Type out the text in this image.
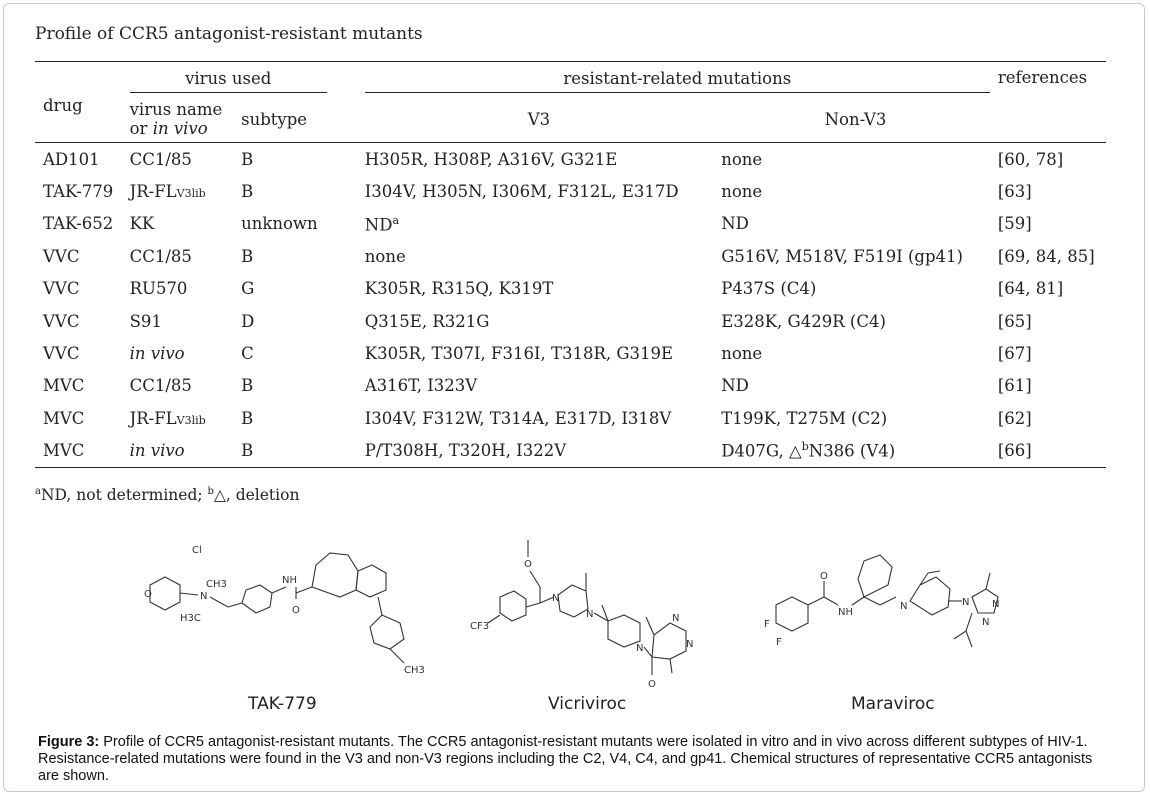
Profile of CCR5 antagonist-resistant mutants
drug	virus used			resistant-related mutations		references
	virus name
or in vivo	subtype		V3	Non-V3	
AD101	CC1/85	B		H305R, H308P, A316V, G321E	none	[60, 78]
TAK-779	JR-FLV3lib	B		I304V, H305N, I306M, F312L, E317D	none	[63]
TAK-652	KK	unknown		$ND^a$	ND	[59]
VVC	CC1/85	B		none	G516V, M518V, F519I (gp41)	[69, 84, 85]
VVC	RU570	G		K305R, R315Q, K319T	P437S (C4)	[64, 81]
VVC	S91	D		Q315E, R321G	E328K, G429R (C4)	[65]
VVC	in vivo	C		K305R, T307I, F316I, T318R, G319E	none	[67]
MVC	CC1/85	B		A316T, I323V	ND	[61]
MVC	JR-FLV3lib	B		I304V, F312W, T314A, E317D, I318V	T199K, T275M (C2)	[62]
MVC	in vivo	B		P/T308H, T320H, I322V	D407G, △$^b$N386 (V4)	[66]
$^a$ND, not determined; $^b$△, deletion
Cl
O	N
CH3
H3C
NH
O
CH3
O
CF3
N
N
N
O
N
N
F
F
O
NH
N	N N
N
TAK-779	Vicriviroc	Maraviroc
Figure 3: Profile of CCR5 antagonist-resistant mutants. The CCR5 antagonist-resistant mutants were isolated in vitro and in vivo across different subtypes of HIV-1. Resistance-related mutations were found in the V3 and non-V3 regions including the C2, V4, C4, and gp41. Chemical structures of representative CCR5 antagonists are shown.
